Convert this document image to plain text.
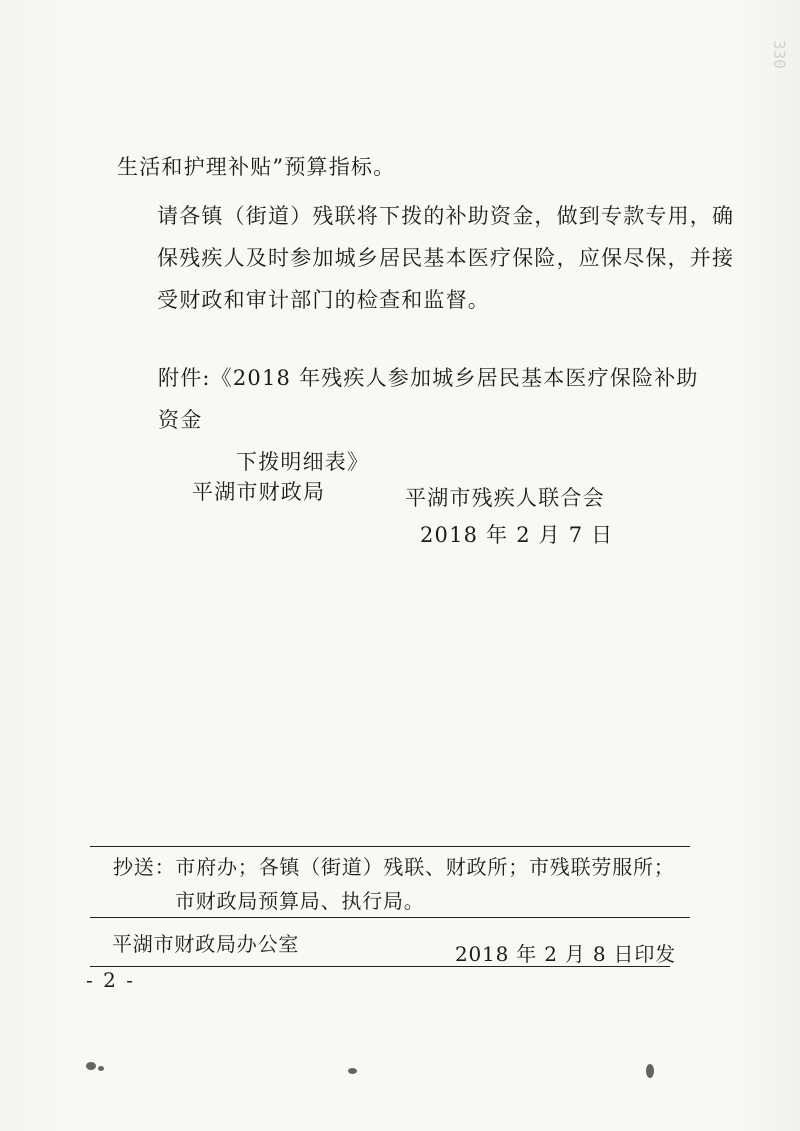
330

生活和护理补贴”预算指标。

请各镇（街道）残联将下拨的补助资金，做到专款专用，确保残疾人及时参加城乡居民基本医疗保险，应保尽保，并接受财政和审计部门的检查和监督。

附件:《2018 年残疾人参加城乡居民基本医疗保险补助资金
下拨明细表》
平湖市财政局	平湖市残疾人联合会
2018 年 2 月 7 日
抄送：市府办；各镇（街道）残联、财政所；市残联劳服所；
市财政局预算局、执行局。
平湖市财政局办公室	2018 年 2 月 8 日印发
- 2 -
